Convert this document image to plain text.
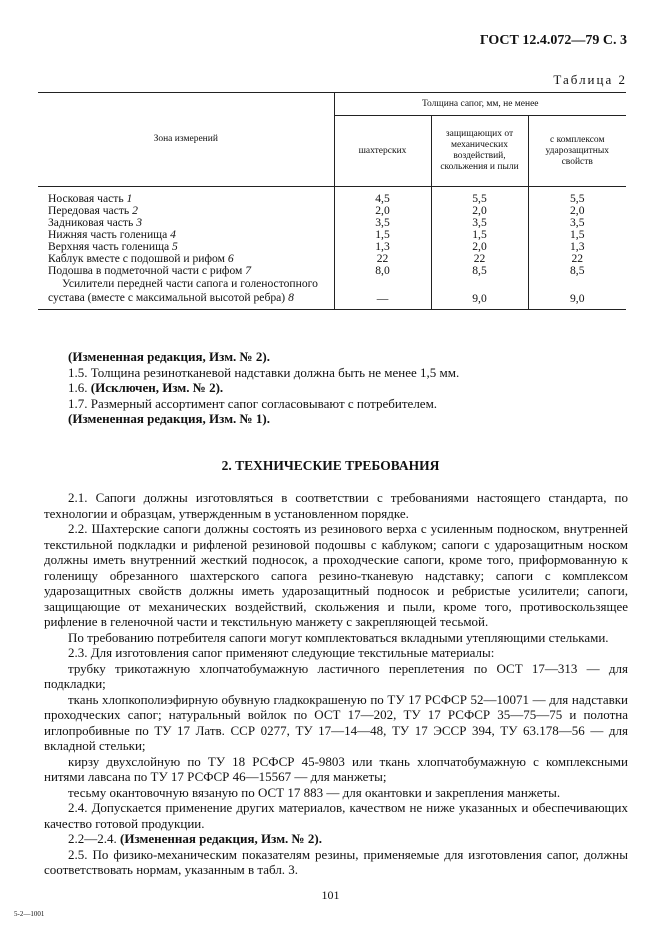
ГОСТ 12.4.072—79 С. 3
Таблица 2
Зона измерений	Толщина сапог, мм, не менее		
	шахтерских	защищающих от механических воздействий, скольжения и пыли	с комплексом ударозащитных свойств
Носковая часть 1	4,5	5,5	5,5
Передовая часть 2	2,0	2,0	2,0
Задниковая часть 3	3,5	3,5	3,5
Нижняя часть голенища 4	1,5	1,5	1,5
Верхняя часть голенища 5	1,3	2,0	1,3
Каблук вместе с подошвой и рифом 6	22	22	22
Подошва в подметочной части с рифом 7	8,0	8,5	8,5
Усилители передней части сапога и голеностопного
сустава (вместе с максимальной высотой ребра) 8	—	9,0	9,0

(Измененная редакция, Изм. № 2).

1.5. Толщина резинотканевой надставки должна быть не менее 1,5 мм.

1.6. (Исключен, Изм. № 2).

1.7. Размерный ассортимент сапог согласовывают с потребителем.

(Измененная редакция, Изм. № 1).

2. ТЕХНИЧЕСКИЕ ТРЕБОВАНИЯ

2.1. Сапоги должны изготовляться в соответствии с требованиями настоящего стандарта, по технологии и образцам, утвержденным в установленном порядке.

2.2. Шахтерские сапоги должны состоять из резинового верха с усиленным подноском, внутренней текстильной подкладки и рифленой резиновой подошвы с каблуком; сапоги с ударозащитным носком должны иметь внутренний жесткий подносок, а проходческие сапоги, кроме того, приформованную к голенищу обрезанного шахтерского сапога резино-тканевую надставку; сапоги с комплексом ударозащитных свойств должны иметь ударозащитный подносок и ребристые усилители; сапоги, защищающие от механических воздействий, скольжения и пыли, кроме того, противоскользящее рифление в геленочной части и текстильную манжету с закрепляющей тесьмой.

По требованию потребителя сапоги могут комплектоваться вкладными утепляющими стельками.

2.3. Для изготовления сапог применяют следующие текстильные материалы:

трубку трикотажную хлопчатобумажную ластичного переплетения по ОСТ 17—313 — для подкладки;

ткань хлопкополиэфирную обувную гладкокрашеную по ТУ 17 РСФСР 52—10071 — для надставки проходческих сапог; натуральный войлок по ОСТ 17—202, ТУ 17 РСФСР 35—75—75 и полотна иглопробивные по ТУ 17 Латв. ССР 0277, ТУ 17—14—48, ТУ 17 ЭССР 394, ТУ 63.178—56 — для вкладной стельки;

кирзу двухслойную по ТУ 18 РСФСР 45-9803 или ткань хлопчатобумажную с комплексными нитями лавсана по ТУ 17 РСФСР 46—15567 — для манжеты;

тесьму окантовочную вязаную по ОСТ 17 883 — для окантовки и закрепления манжеты.

2.4. Допускается применение других материалов, качеством не ниже указанных и обеспечивающих качество готовой продукции.

2.2—2.4. (Измененная редакция, Изм. № 2).

2.5. По физико-механическим показателям резины, применяемые для изготовления сапог, должны соответствовать нормам, указанным в табл. 3.

101
5-2—1001
